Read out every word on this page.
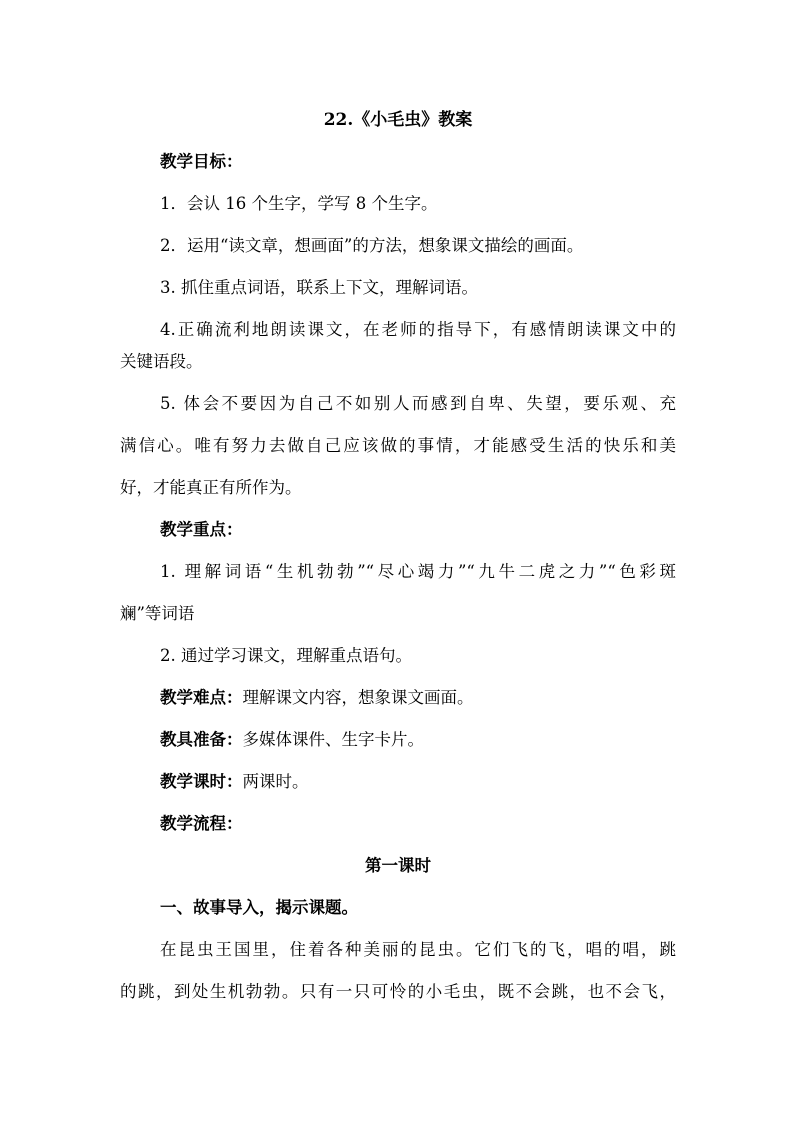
22.《小毛虫》教案

教学目标：

1．会认 16 个生字，学写 8 个生字。

2．运用“读文章，想画面”的方法，想象课文描绘的画面。

3. 抓住重点词语，联系上下文，理解词语。

4.正确流利地朗读课文，在老师的指导下，有感情朗读课文中的

关键语段。

5. 体会不要因为自己不如别人而感到自卑、失望，要乐观、充

满信心。唯有努力去做自己应该做的事情，才能感受生活的快乐和美

好，才能真正有所作为。

教学重点：

1. 理解词语“生机勃勃”“尽心竭力”“九牛二虎之力”“色彩斑

斓”等词语

2. 通过学习课文，理解重点语句。

教学难点：理解课文内容，想象课文画面。

教具准备：多媒体课件、生字卡片。

教学课时：两课时。

教学流程：

第一课时

一、故事导入，揭示课题。

在昆虫王国里，住着各种美丽的昆虫。它们飞的飞，唱的唱，跳

的跳，到处生机勃勃。只有一只可怜的小毛虫，既不会跳，也不会飞，
